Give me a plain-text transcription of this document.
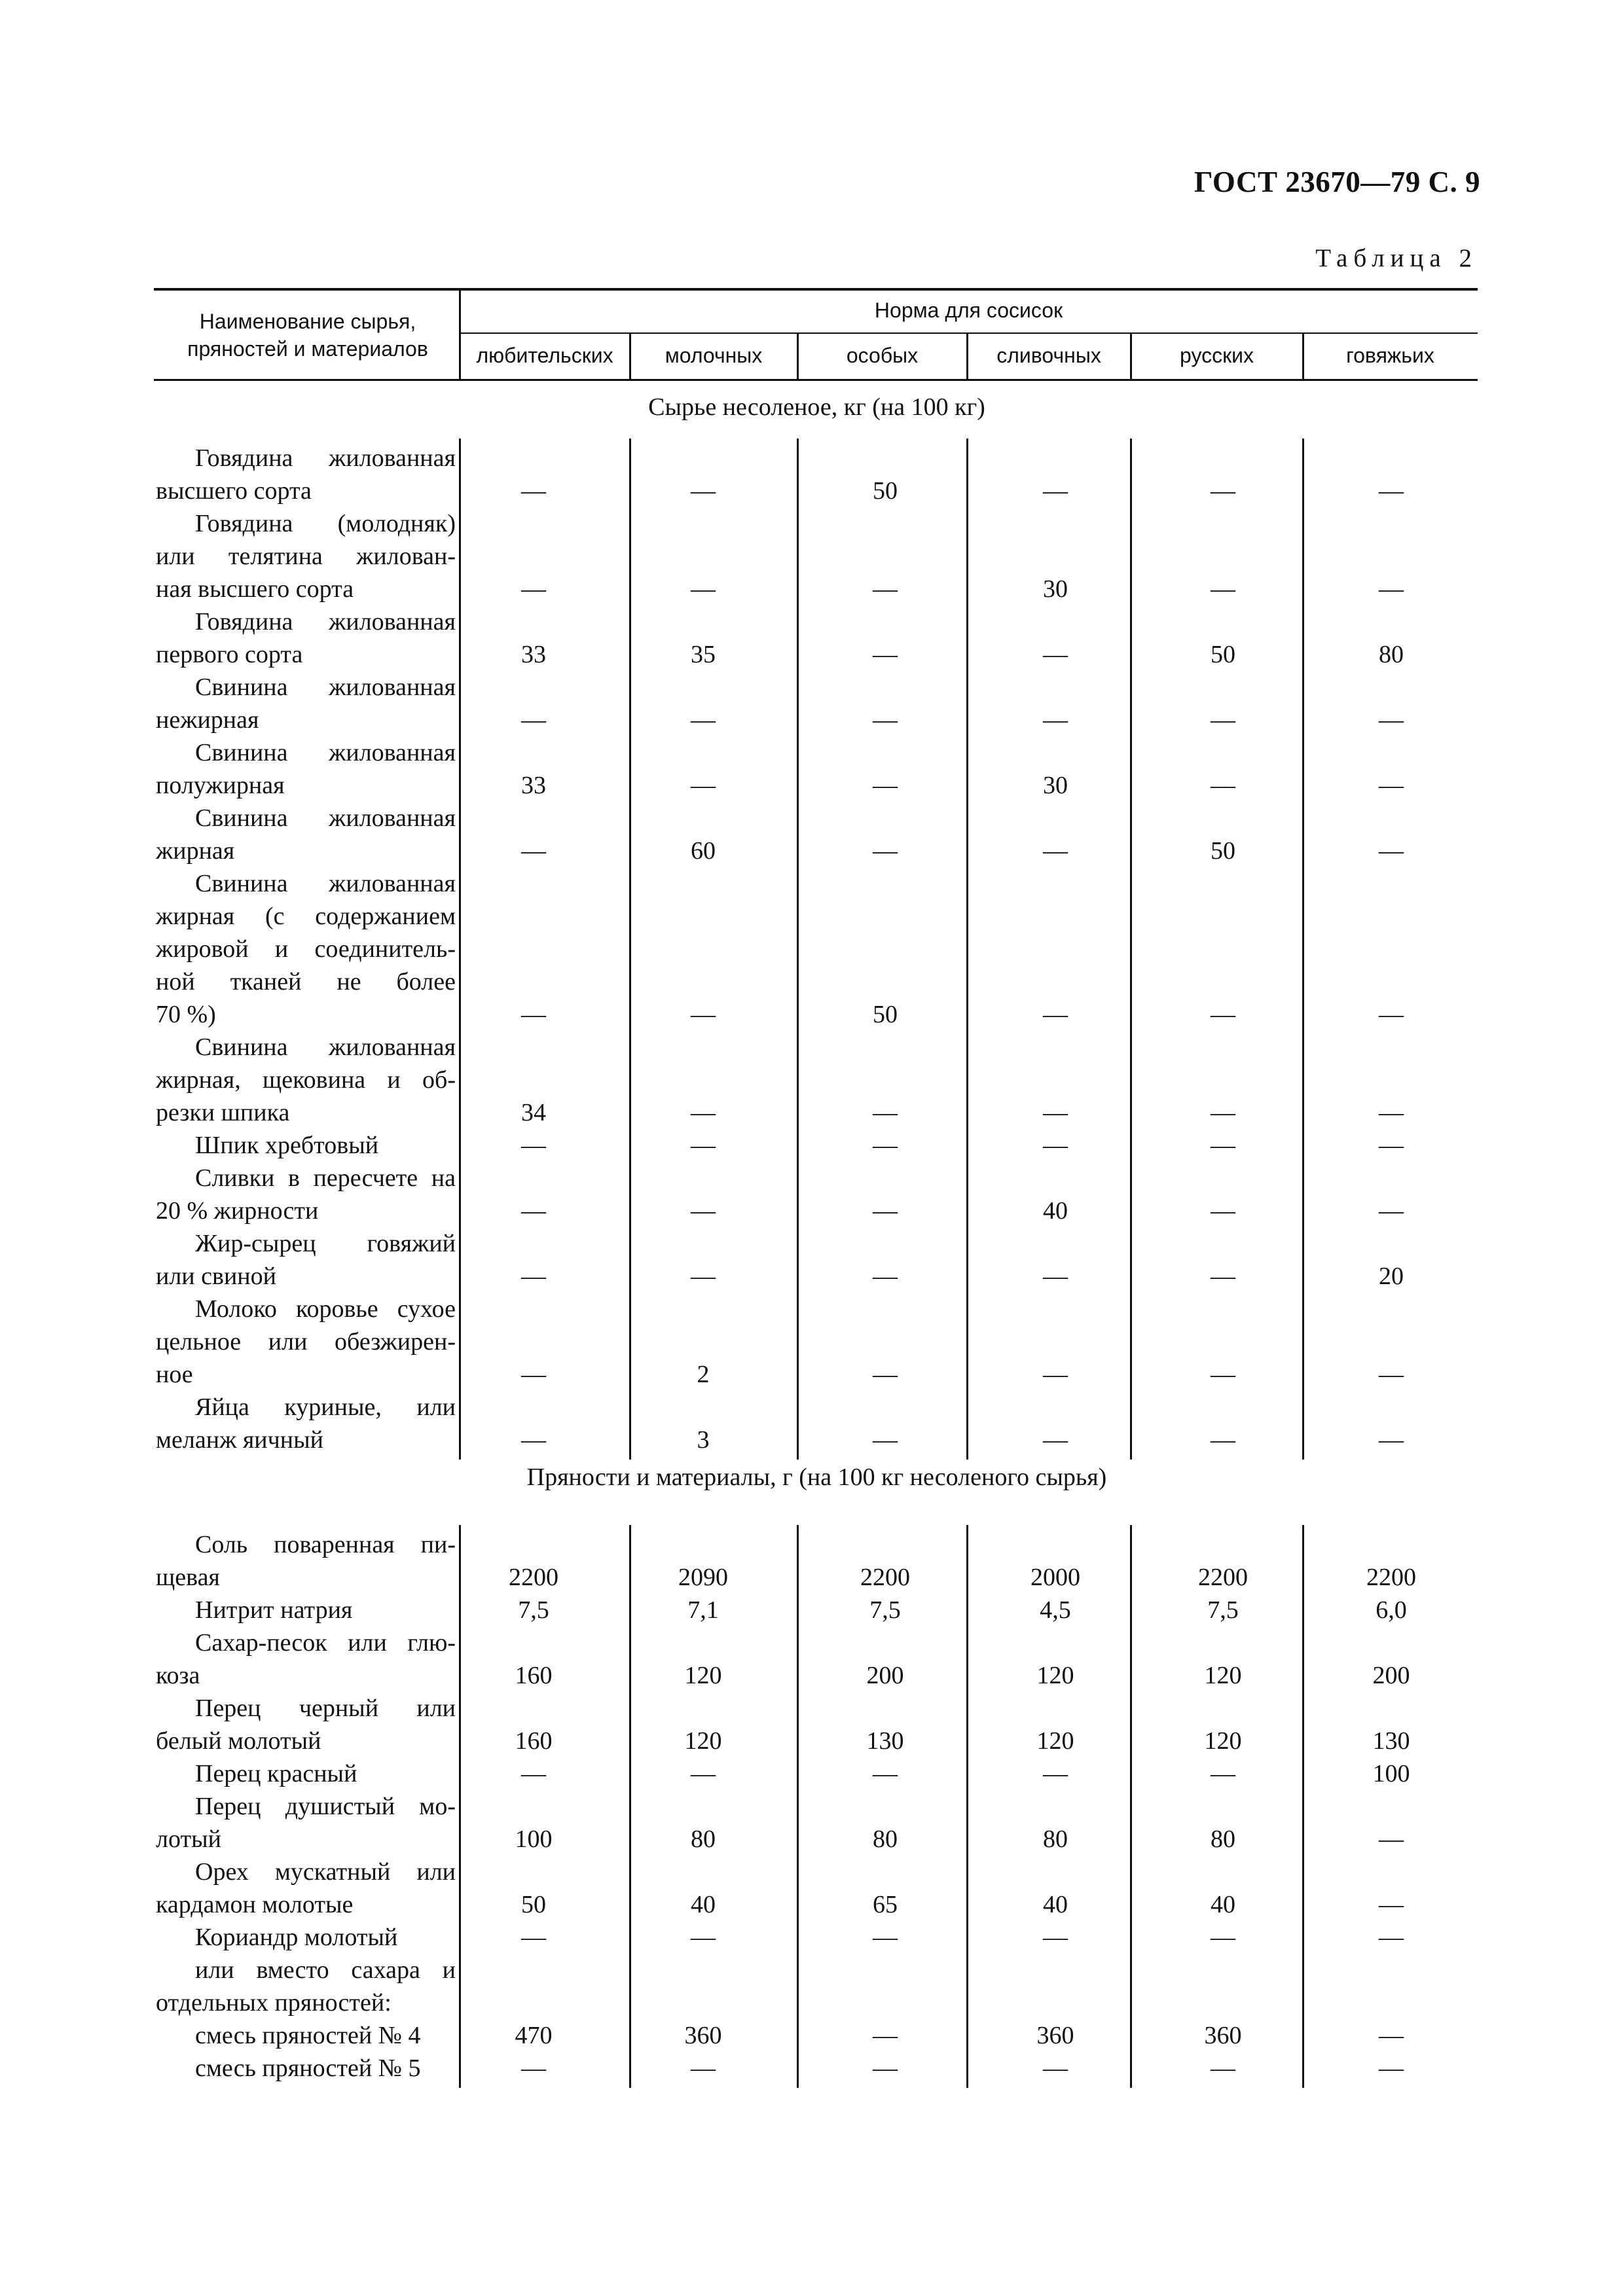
ГОСТ 23670—79 С. 9
Таблица 2
Наименование сырья,
пряностей и материалов
Норма для сосисок
любительских	молочных	особых	сливочных	русских	говяжьих
Сырье несоленое, кг (на 100 кг)
Говядина жилованная
высшего сорта	—	—	50	—	—	—
Говядина (молодняк)
или телятина жилован-
ная высшего сорта	—	—	—	30	—	—
Говядина жилованная
первого сорта	33	35	—	—	50	80
Свинина жилованная
нежирная	—	—	—	—	—	—
Свинина жилованная
полужирная	33	—	—	30	—	—
Свинина жилованная
жирная	—	60	—	—	50	—
Свинина жилованная
жирная (с содержанием
жировой и соединитель-
ной тканей не более
70 %)	—	—	50	—	—	—
Свинина жилованная
жирная, щековина и об-
резки шпика	34	—	—	—	—	—
Шпик хребтовый	—	—	—	—	—	—
Сливки в пересчете на
20 % жирности	—	—	—	40	—	—
Жир-сырец говяжий
или свиной	—	—	—	—	—	20
Молоко коровье сухое
цельное или обезжирен-
ное	—	2	—	—	—	—
Яйца куриные, или
меланж яичный	—	3	—	—	—	—
Пряности и материалы, г (на 100 кг несоленого сырья)
Соль поваренная пи-
щевая	2200	2090	2200	2000	2200	2200
Нитрит натрия	7,5	7,1	7,5	4,5	7,5	6,0
Сахар-песок или глю-
коза	160	120	200	120	120	200
Перец черный или
белый молотый	160	120	130	120	120	130
Перец красный	—	—	—	—	—	100
Перец душистый мо-
лотый	100	80	80	80	80	—
Орех мускатный или
кардамон молотые	50	40	65	40	40	—
Кориандр молотый	—	—	—	—	—	—
или вместо сахара и
отдельных пряностей:
смесь пряностей № 4	470	360	—	360	360	—
смесь пряностей № 5	—	—	—	—	—	—
